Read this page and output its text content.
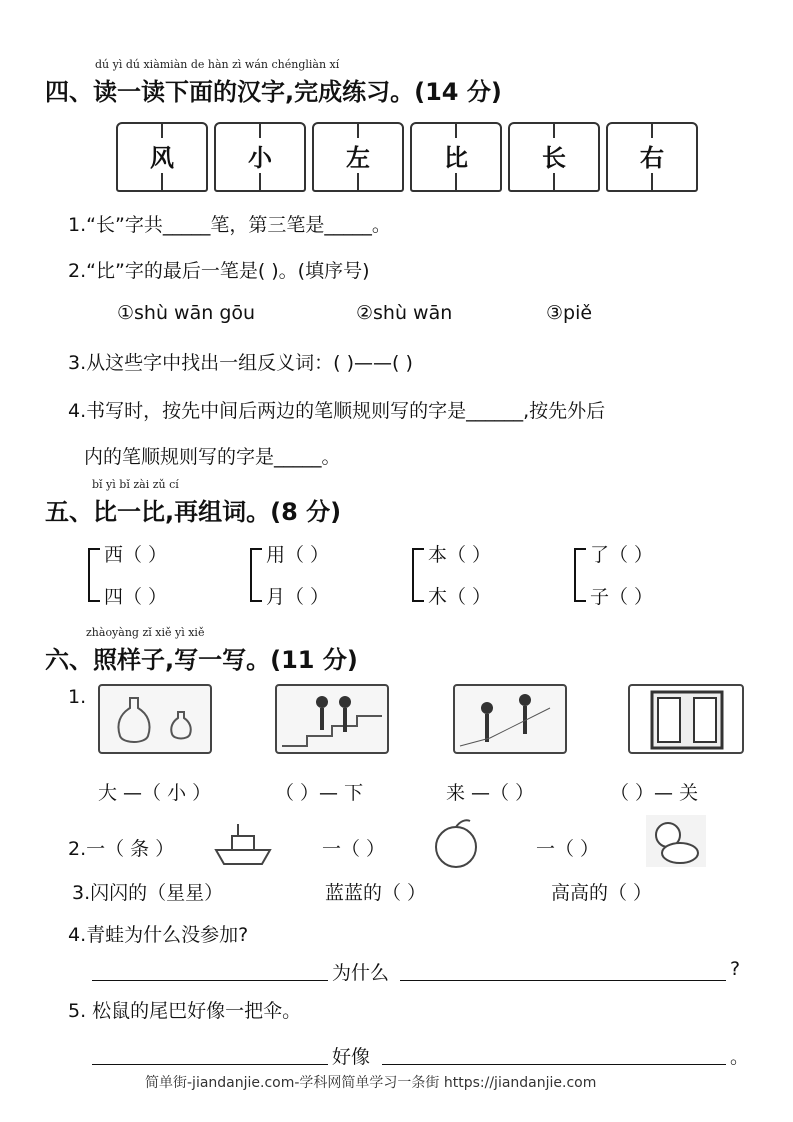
dú yì dú xiàmiàn de hàn zì wán chéngliàn xí
四、读一读下面的汉字,完成练习。(14 分)
风	小	左	比	长	右
1.“长”字共_____笔，第三笔是_____。
2.“比”字的最后一笔是( )。(填序号)
①shù wān gōu	②shù wān	③piě
3.从这些字中找出一组反义词：( )——( )
4.书写时，按先中间后两边的笔顺规则写的字是______,按先外后
内的笔顺规则写的字是_____。
bǐ yì bǐ zài zǔ cí
五、比一比,再组词。(8 分)
西（ ）
四（ ）
用（ ）
月（ ）
本（ ）
木（ ）
了（ ）
子（ ）
zhàoyàng zǐ xiě yì xiě
六、照样子,写一写。(11 分)
1.
大 —（ 小 ）	（ ）— 下	来 —（ ）	（ ）— 关
2.一（ 条 ）	一（ ）	一（ ）
3.闪闪的（星星）	蓝蓝的（ ）	高高的（ ）
4.青蛙为什么没参加?
为什么	?
5. 松鼠的尾巴好像一把伞。
好像	。
简单街-jiandanjie.com-学科网简单学习一条街 https://jiandanjie.com
